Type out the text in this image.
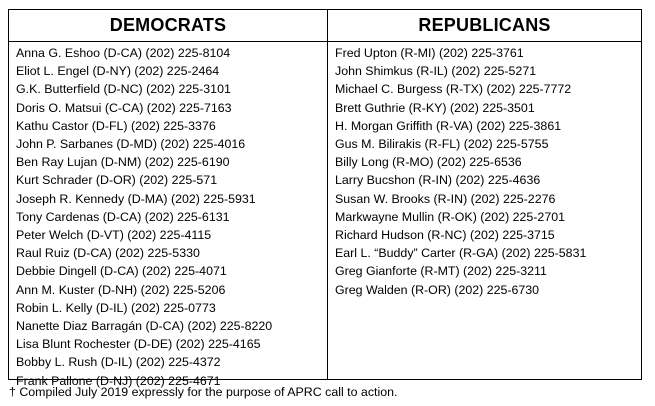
DEMOCRATS
Anna G. Eshoo (D-CA) (202) 225-8104
Eliot L. Engel (D-NY) (202) 225-2464
G.K. Butterfield (D-NC) (202) 225-3101
Doris O. Matsui (C-CA) (202) 225-7163
Kathu Castor (D-FL) (202) 225-3376
John P. Sarbanes (D-MD) (202) 225-4016
Ben Ray Lujan (D-NM) (202) 225-6190
Kurt Schrader (D-OR) (202) 225-571
Joseph R. Kennedy (D-MA) (202) 225-5931
Tony Cardenas (D-CA) (202) 225-6131
Peter Welch (D-VT) (202) 225-4115
Raul Ruiz (D-CA) (202) 225-5330
Debbie Dingell (D-CA) (202) 225-4071
Ann M. Kuster (D-NH) (202) 225-5206
Robin L. Kelly (D-IL) (202) 225-0773
Nanette Diaz Barragán (D-CA) (202) 225-8220
Lisa Blunt Rochester (D-DE) (202) 225-4165
Bobby L. Rush (D-IL) (202) 225-4372
Frank Pallone (D-NJ) (202) 225-4671
REPUBLICANS
Fred Upton (R-MI) (202) 225-3761
John Shimkus (R-IL) (202) 225-5271
Michael C. Burgess (R-TX) (202) 225-7772
Brett Guthrie (R-KY) (202) 225-3501
H. Morgan Griffith (R-VA) (202) 225-3861
Gus M. Bilirakis (R-FL) (202) 225-5755
Billy Long (R-MO) (202) 225-6536
Larry Bucshon (R-IN) (202) 225-4636
Susan W. Brooks (R-IN) (202) 225-2276
Markwayne Mullin (R-OK) (202) 225-2701
Richard Hudson (R-NC) (202) 225-3715
Earl L. “Buddy” Carter (R-GA) (202) 225-5831
Greg Gianforte (R-MT) (202) 225-3211
Greg Walden (R-OR) (202) 225-6730
† Compiled July 2019 expressly for the purpose of APRC call to action.
